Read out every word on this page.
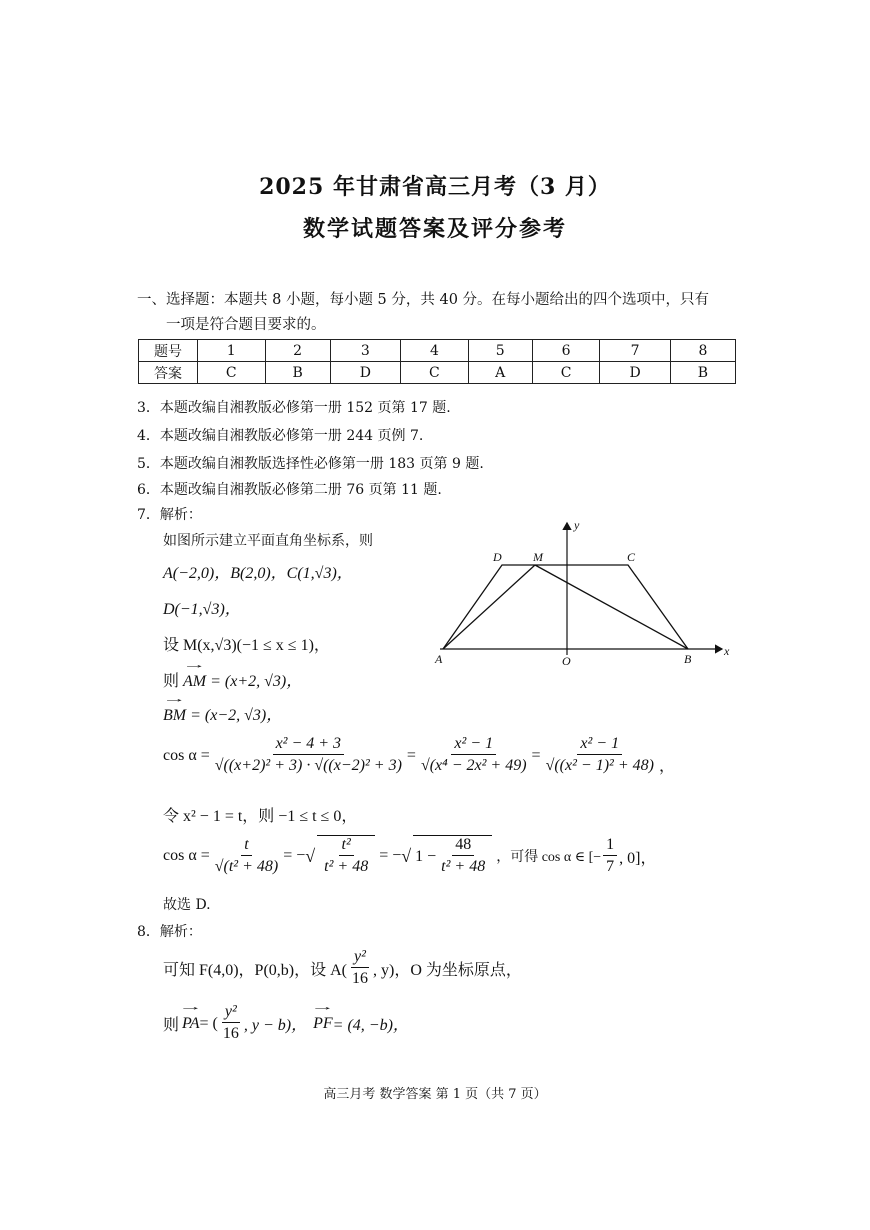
2025 年甘肃省高三月考（3 月）
数学试题答案及评分参考
一、选择题：本题共 8 小题，每小题 5 分，共 40 分。在每小题给出的四个选项中，只有
一项是符合题目要求的。
题号	1	2	3	4	5	6	7	8
答案	C	B	D	C	A	C	D	B
3．本题改编自湘教版必修第一册 152 页第 17 题.
4．本题改编自湘教版必修第一册 244 页例 7.
5．本题改编自湘教版选择性必修第一册 183 页第 9 题.
6．本题改编自湘教版必修第二册 76 页第 11 题.
7．解析：
如图所示建立平面直角坐标系，则
A(−2,0)，B(2,0)，C(1,√3)，
D(−1,√3)，
设 M(x,√3)(−1 ≤ x ≤ 1)，
则 → AM = (x+2, √3)，
→ BM = (x−2, √3)，
$\cos \alpha = \frac{\text{x² − 4 + 3}}{\text{√((x+2)² + 3) · √((x−2)² + 3)}} = \frac{\text{x² − 1}}{\text{√(x⁴ − 2x² + 49)}} = \frac{\text{x² − 1}}{\text{√((x² − 1)² + 48)}}$ ，
令 x² − 1 = t，则 −1 ≤ t ≤ 0，
$\cos \alpha = \frac{t}{\text{√(t² + 48)}}$ = − √ $\frac{\text{t²}}{\text{t² + 48}}$ = − √ $1 - \frac{48}{\text{t² + 48}}$ ，可得 cos α ∈ [− $\frac{1}{7}$ , 0]，
故选 D.
A	B
C
D	M
O
x
y
8．解析：
可知 F(4,0)，P(0,b)，设 $A( \frac{\text{y²}}{16}$ , y)，O 为坐标原点，
则 → PA = ( $\frac{\text{y²}}{16}$ , y − b)， → PF = (4, −b)，
高三月考 数学答案 第 1 页（共 7 页）
